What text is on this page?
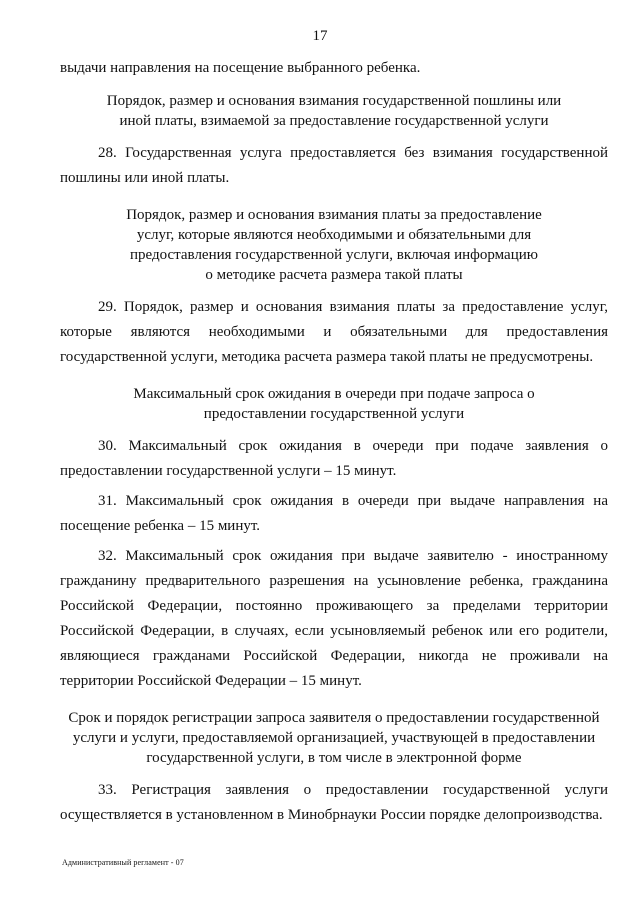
17

выдачи направления на посещение выбранного ребенка.

Порядок, размер и основания взимания государственной пошлины или иной платы, взимаемой за предоставление государственной услуги

28. Государственная услуга предоставляется без взимания государственной пошлины или иной платы.

Порядок, размер и основания взимания платы за предоставление услуг, которые являются необходимыми и обязательными для предоставления государственной услуги, включая информацию о методике расчета размера такой платы

29. Порядок, размер и основания взимания платы за предоставление услуг, которые являются необходимыми и обязательными для предоставления государственной услуги, методика расчета размера такой платы не предусмотрены.

Максимальный срок ожидания в очереди при подаче запроса о предоставлении государственной услуги

30. Максимальный срок ожидания в очереди при подаче заявления о предоставлении государственной услуги – 15 минут.

31. Максимальный срок ожидания в очереди при выдаче направления на посещение ребенка – 15 минут.

32. Максимальный срок ожидания при выдаче заявителю - иностранному гражданину предварительного разрешения на усыновление ребенка, гражданина Российской Федерации, постоянно проживающего за пределами территории Российской Федерации, в случаях, если усыновляемый ребенок или его родители, являющиеся гражданами Российской Федерации, никогда не проживали на территории Российской Федерации – 15 минут.

Срок и порядок регистрации запроса заявителя о предоставлении государственной услуги и услуги, предоставляемой организацией, участвующей в предоставлении государственной услуги, в том числе в электронной форме

33. Регистрация заявления о предоставлении государственной услуги осуществляется в установленном в Минобрнауки России порядке делопроизводства.

Административный регламент - 07
